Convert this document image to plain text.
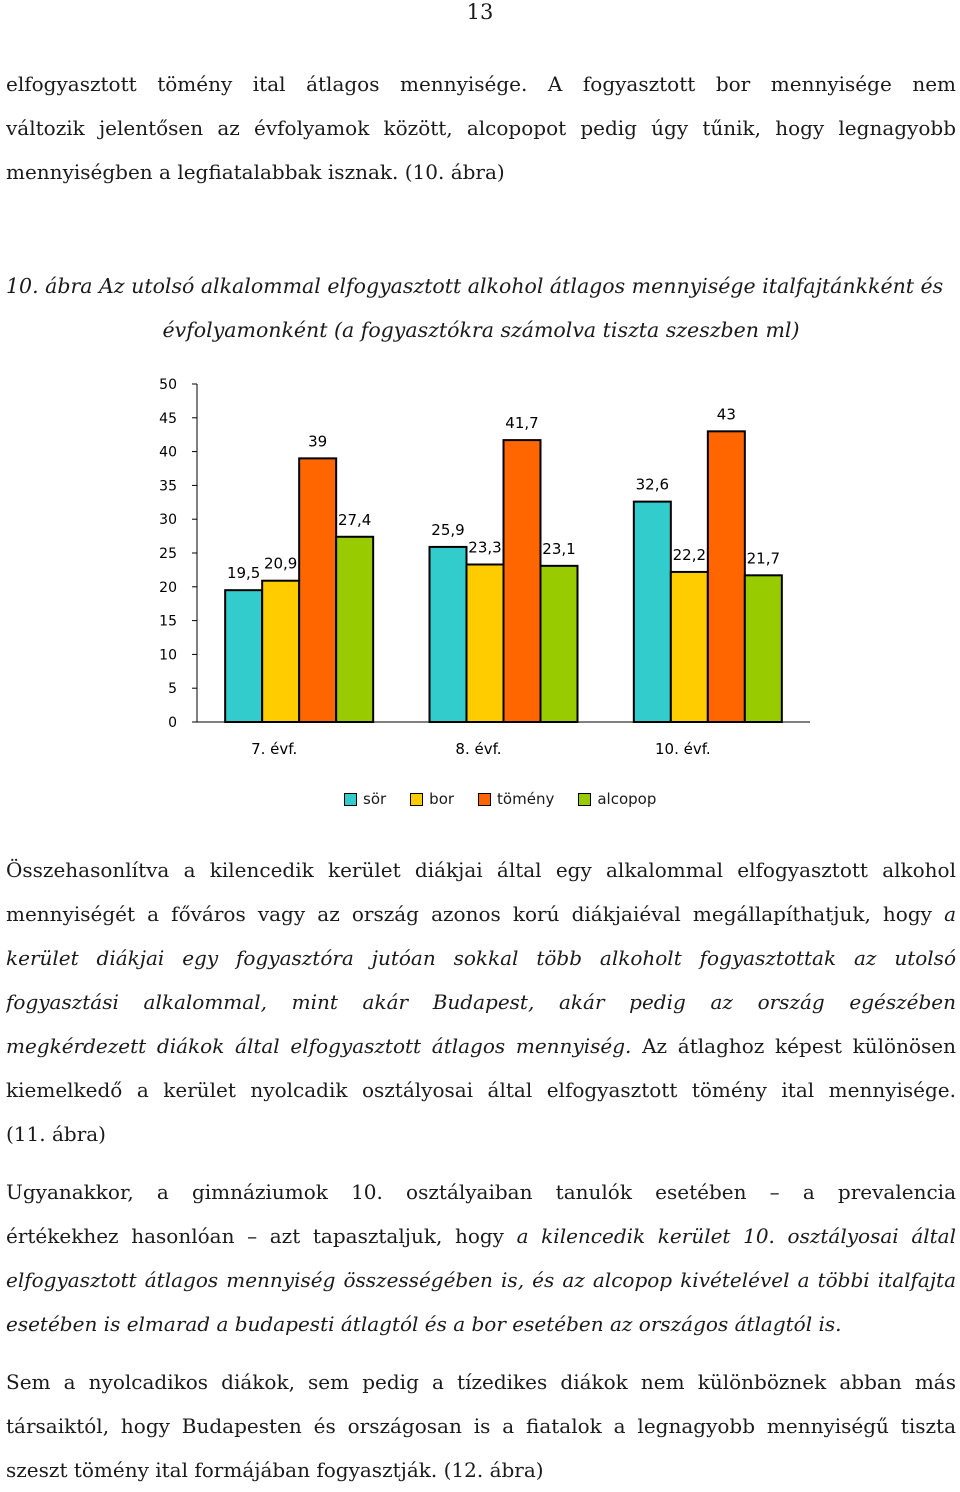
13
elfogyasztott tömény ital átlagos mennyisége. A fogyasztott bor mennyisége nem
változik jelentősen az évfolyamok között, alcopopot pedig úgy tűnik, hogy legnagyobb
mennyiségben a legfiatalabbak isznak. (10. ábra)
10. ábra Az utolsó alkalommal elfogyasztott alkohol átlagos mennyisége italfajtánkként és
évfolyamonként (a fogyasztókra számolva tiszta szeszben ml)
0
5
10
15
20
25
30
35
40
45
50
19,5
20,9
39
27,4
7. évf.
25,9
23,3
41,7
23,1
8. évf.
32,6
22,2
43
21,7
10. évf.
sör	bor	tömény	alcopop
Összehasonlítva a kilencedik kerület diákjai által egy alkalommal elfogyasztott alkohol
mennyiségét a főváros vagy az ország azonos korú diákjaiéval megállapíthatjuk, hogy a
kerület diákjai egy fogyasztóra jutóan sokkal több alkoholt fogyasztottak az utolsó
fogyasztási alkalommal, mint akár Budapest, akár pedig az ország egészében
megkérdezett diákok által elfogyasztott átlagos mennyiség. Az átlaghoz képest különösen
kiemelkedő a kerület nyolcadik osztályosai által elfogyasztott tömény ital mennyisége.
(11. ábra)
Ugyanakkor, a gimnáziumok 10. osztályaiban tanulók esetében – a prevalencia
értékekhez hasonlóan – azt tapasztaljuk, hogy a kilencedik kerület 10. osztályosai által
elfogyasztott átlagos mennyiség összességében is, és az alcopop kivételével a többi italfajta
esetében is elmarad a budapesti átlagtól és a bor esetében az országos átlagtól is.
Sem a nyolcadikos diákok, sem pedig a tízedikes diákok nem különböznek abban más
társaiktól, hogy Budapesten és országosan is a fiatalok a legnagyobb mennyiségű tiszta
szeszt tömény ital formájában fogyasztják. (12. ábra)
